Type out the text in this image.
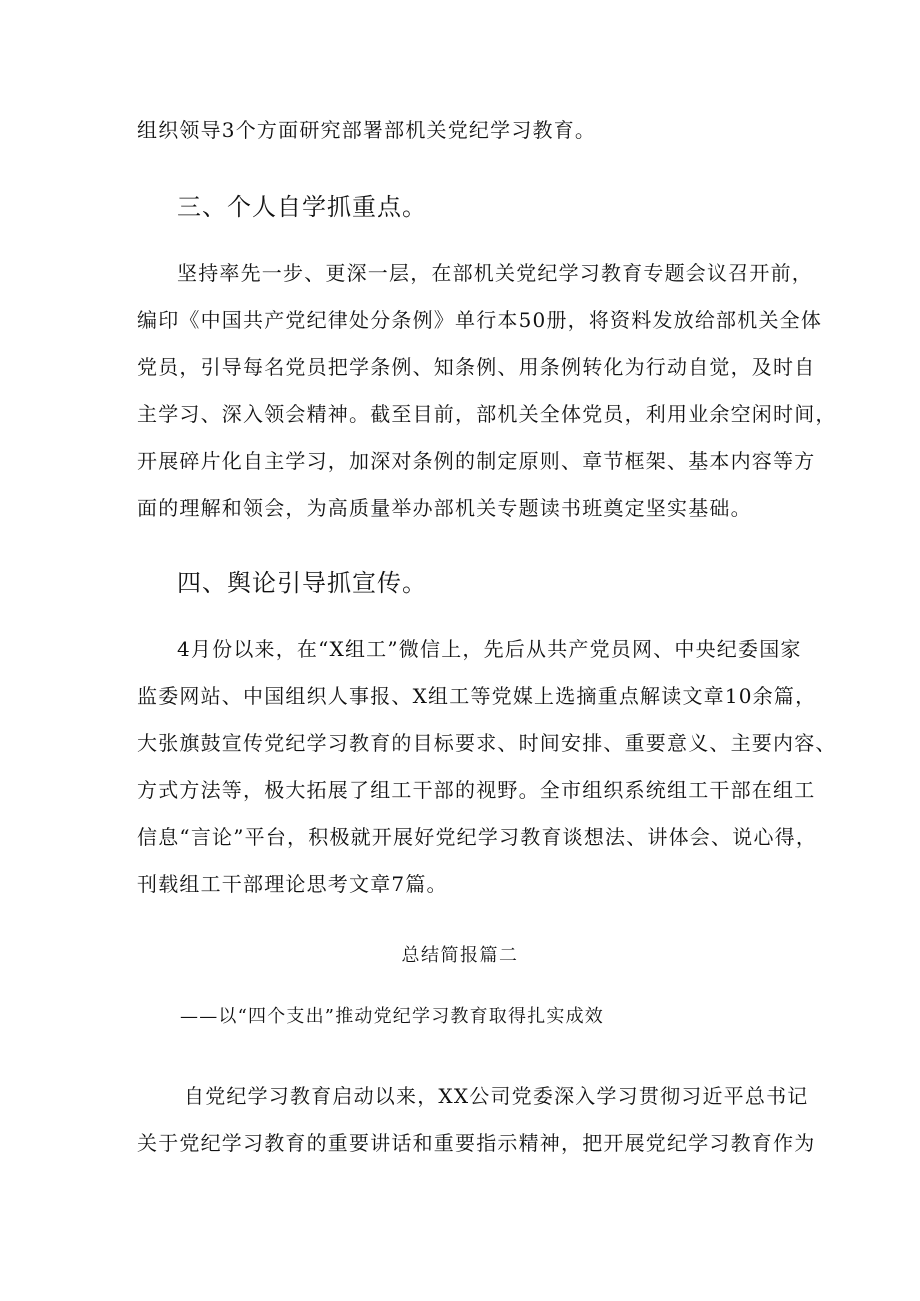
组织领导3个方面研究部署部机关党纪学习教育。
三、个人自学抓重点。
坚持率先一步、更深一层，在部机关党纪学习教育专题会议召开前，
编印《中国共产党纪律处分条例》单行本50册，将资料发放给部机关全体
党员，引导每名党员把学条例、知条例、用条例转化为行动自觉，及时自
主学习、深入领会精神。截至目前，部机关全体党员，利用业余空闲时间，
开展碎片化自主学习，加深对条例的制定原则、章节框架、基本内容等方
面的理解和领会，为高质量举办部机关专题读书班奠定坚实基础。
四、舆论引导抓宣传。
4月份以来，在“X组工”微信上，先后从共产党员网、中央纪委国家
监委网站、中国组织人事报、X组工等党媒上选摘重点解读文章10余篇，
大张旗鼓宣传党纪学习教育的目标要求、时间安排、重要意义、主要内容、
方式方法等，极大拓展了组工干部的视野。全市组织系统组工干部在组工
信息“言论”平台，积极就开展好党纪学习教育谈想法、讲体会、说心得，
刊载组工干部理论思考文章7篇。
总结简报篇二
——以“四个支出”推动党纪学习教育取得扎实成效
自党纪学习教育启动以来，XX公司党委深入学习贯彻习近平总书记
关于党纪学习教育的重要讲话和重要指示精神，把开展党纪学习教育作为
